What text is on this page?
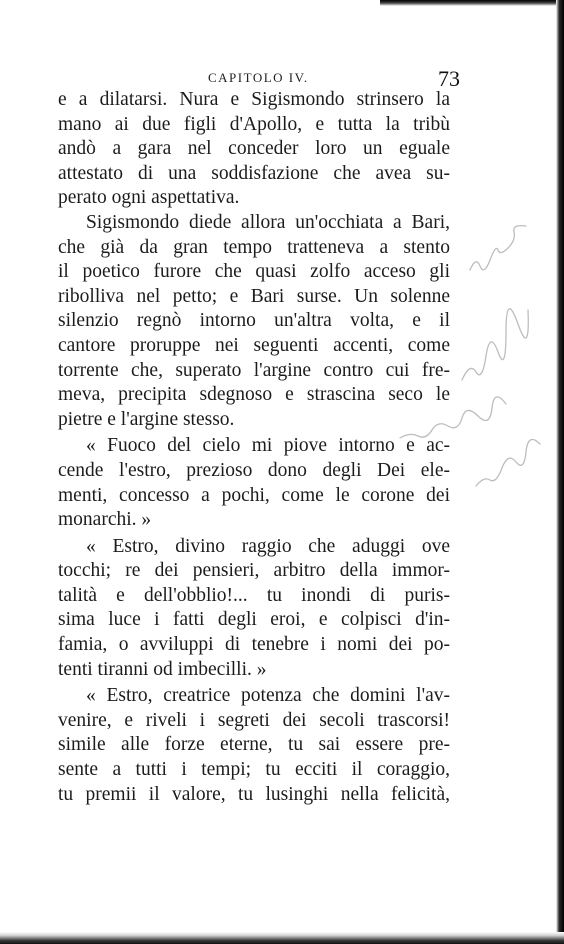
CAPITOLO IV.	73
e a dilatarsi. Nura e Sigismondo strinsero la
mano ai due figli d'Apollo, e tutta la tribù
andò a gara nel conceder loro un eguale
attestato di una soddisfazione che avea su-
perato ogni aspettativa.
Sigismondo diede allora un'occhiata a Bari,
che già da gran tempo tratteneva a stento
il poetico furore che quasi zolfo acceso gli
ribolliva nel petto; e Bari surse. Un solenne
silenzio regnò intorno un'altra volta, e il
cantore proruppe nei seguenti accenti, come
torrente che, superato l'argine contro cui fre-
meva, precipita sdegnoso e strascina seco le
pietre e l'argine stesso.
« Fuoco del cielo mi piove intorno e ac-
cende l'estro, prezioso dono degli Dei ele-
menti, concesso a pochi, come le corone dei
monarchi. »
« Estro, divino raggio che aduggi ove
tocchi; re dei pensieri, arbitro della immor-
talità e dell'obblio!... tu inondi di puris-
sima luce i fatti degli eroi, e colpisci d'in-
famia, o avviluppi di tenebre i nomi dei po-
tenti tiranni od imbecilli. »
« Estro, creatrice potenza che domini l'av-
venire, e riveli i segreti dei secoli trascorsi!
simile alle forze eterne, tu sai essere pre-
sente a tutti i tempi; tu ecciti il coraggio,
tu premii il valore, tu lusinghi nella felicità,
